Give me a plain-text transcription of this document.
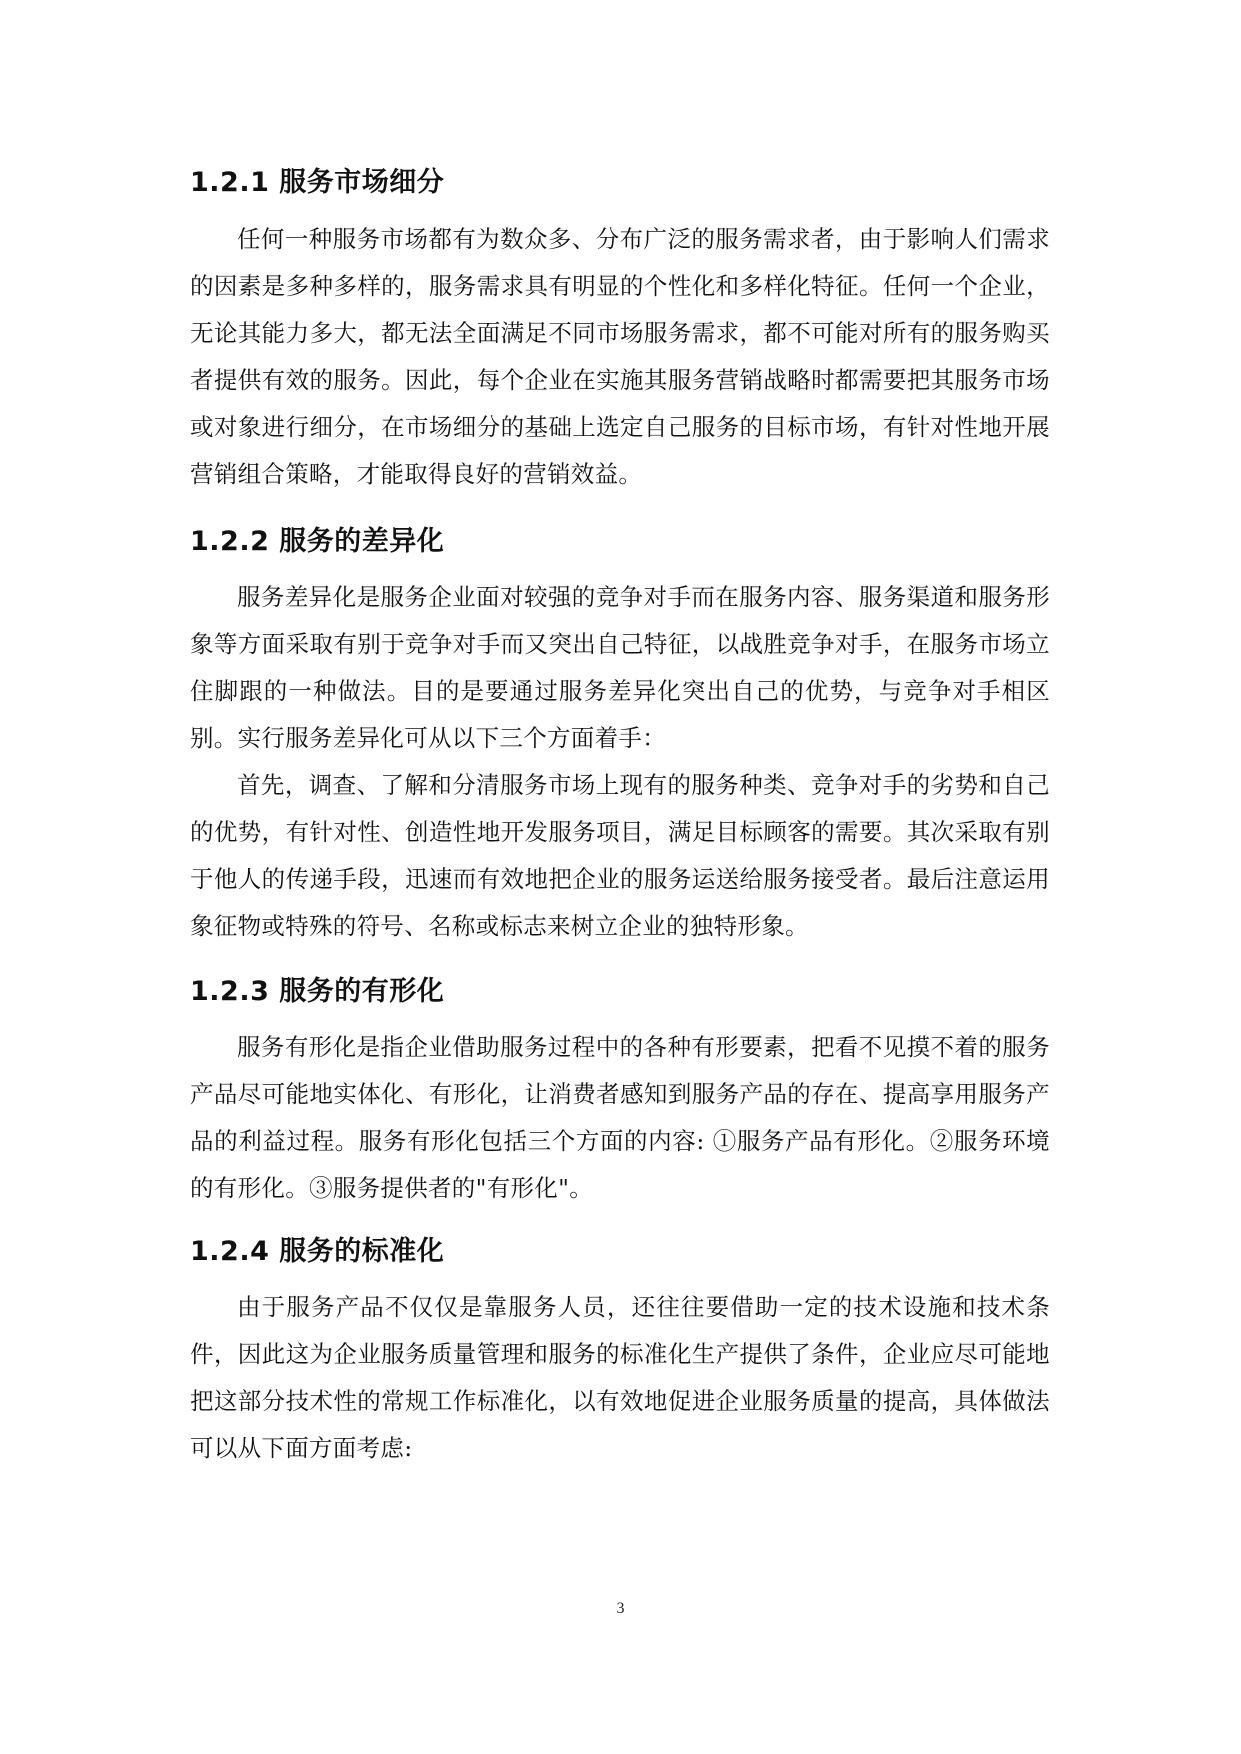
1.2.1 服务市场细分

任何一种服务市场都有为数众多、分布广泛的服务需求者，由于影响人们需求的因素是多种多样的，服务需求具有明显的个性化和多样化特征。任何一个企业，无论其能力多大，都无法全面满足不同市场服务需求，都不可能对所有的服务购买者提供有效的服务。因此，每个企业在实施其服务营销战略时都需要把其服务市场或对象进行细分，在市场细分的基础上选定自己服务的目标市场，有针对性地开展营销组合策略，才能取得良好的营销效益。

1.2.2 服务的差异化

服务差异化是服务企业面对较强的竞争对手而在服务内容、服务渠道和服务形象等方面采取有别于竞争对手而又突出自己特征，以战胜竞争对手，在服务市场立住脚跟的一种做法。目的是要通过服务差异化突出自己的优势，与竞争对手相区别。实行服务差异化可从以下三个方面着手：

首先，调查、了解和分清服务市场上现有的服务种类、竞争对手的劣势和自己的优势，有针对性、创造性地开发服务项目，满足目标顾客的需要。其次采取有别于他人的传递手段，迅速而有效地把企业的服务运送给服务接受者。最后注意运用象征物或特殊的符号、名称或标志来树立企业的独特形象。

1.2.3 服务的有形化

服务有形化是指企业借助服务过程中的各种有形要素，把看不见摸不着的服务产品尽可能地实体化、有形化，让消费者感知到服务产品的存在、提高享用服务产品的利益过程。服务有形化包括三个方面的内容: ①服务产品有形化。②服务环境的有形化。③服务提供者的"有形化"。

1.2.4 服务的标准化

由于服务产品不仅仅是靠服务人员，还往往要借助一定的技术设施和技术条件，因此这为企业服务质量管理和服务的标准化生产提供了条件，企业应尽可能地把这部分技术性的常规工作标准化，以有效地促进企业服务质量的提高，具体做法可以从下面方面考虑:

3
